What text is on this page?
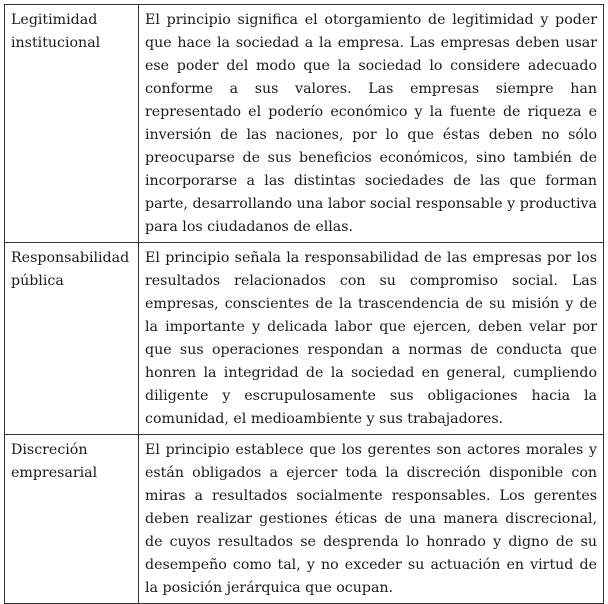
Legitimidad
institucional	El principio significa el otorgamiento de legitimidad y poder que hace la sociedad a la empresa. Las empresas deben usar ese poder del modo que la sociedad lo considere adecuado conforme a sus valores. Las empresas siempre han representado el poderío económico y la fuente de riqueza e inversión de las naciones, por lo que éstas deben no sólo preocuparse de sus beneficios económicos, sino también de incorporarse a las distintas sociedades de las que forman parte, desarrollando una labor social responsable y productiva para los ciudadanos de ellas.

Responsabilidad
pública	El principio señala la responsabilidad de las empresas por los resultados relacionados con su compromiso social. Las empresas, conscientes de la trascendencia de su misión y de la importante y delicada labor que ejercen, deben velar por que sus operaciones respondan a normas de conducta que honren la integridad de la sociedad en general, cumpliendo diligente y escrupulosamente sus obligaciones hacia la comunidad, el medioambiente y sus trabajadores.

Discreción
empresarial	El principio establece que los gerentes son actores morales y están obligados a ejercer toda la discreción disponible con miras a resultados socialmente responsables. Los gerentes deben realizar gestiones éticas de una manera discrecional, de cuyos resultados se desprenda lo honrado y digno de su desempeño como tal, y no exceder su actuación en virtud de la posición jerárquica que ocupan.
